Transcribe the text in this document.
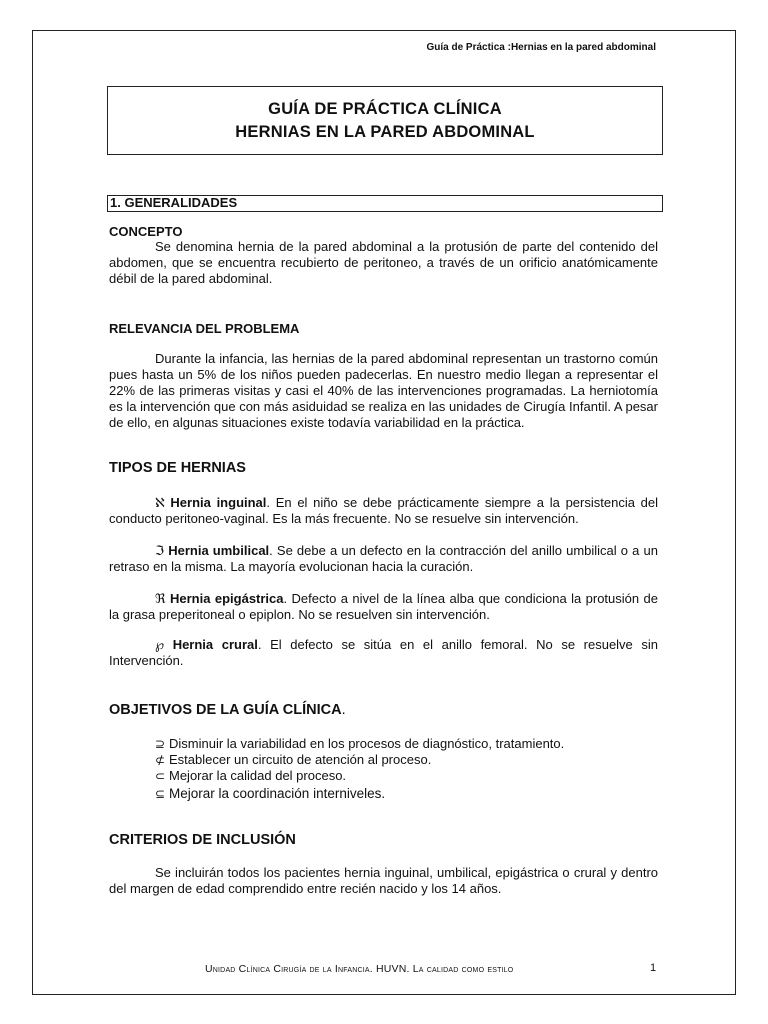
Guía de Práctica :Hernias en la pared abdominal
GUÍA DE PRÁCTICA CLÍNICA
HERNIAS EN LA PARED ABDOMINAL
1. GENERALIDADES
CONCEPTO

Se denomina hernia de la pared abdominal a la protusión de parte del contenido del abdomen, que se encuentra recubierto de peritoneo, a través de un orificio anatómicamente débil de la pared abdominal.

RELEVANCIA DEL PROBLEMA

Durante la infancia, las hernias de la pared abdominal representan un trastorno común pues hasta un 5% de los niños pueden padecerlas. En nuestro medio llegan a representar el 22% de las primeras visitas y casi el 40% de las intervenciones programadas. La herniotomía es la intervención que con más asiduidad se realiza en las unidades de Cirugía Infantil. A pesar de ello, en algunas situaciones existe todavía variabilidad en la práctica.

TIPOS DE HERNIAS

ℵ Hernia inguinal. En el niño se debe prácticamente siempre a la persistencia del conducto peritoneo-vaginal. Es la más frecuente. No se resuelve sin intervención.

ℑ Hernia umbilical. Se debe a un defecto en la contracción del anillo umbilical o a un retraso en la misma. La mayoría evolucionan hacia la curación.

ℜ Hernia epigástrica. Defecto a nivel de la línea alba que condiciona la protusión de la grasa preperitoneal o epiplon. No se resuelven sin intervención.

℘ Hernia crural. El defecto se sitúa en el anillo femoral. No se resuelve sin Intervención.

OBJETIVOS DE LA GUÍA CLÍNICA.
⊇ Disminuir la variabilidad en los procesos de diagnóstico, tratamiento.
⊄ Establecer un circuito de atención al proceso.
⊂ Mejorar la calidad del proceso.
⊆ Mejorar la coordinación interniveles.
CRITERIOS DE INCLUSIÓN

Se incluirán todos los pacientes hernia inguinal, umbilical, epigástrica o crural y dentro del margen de edad comprendido entre recién nacido y los 14 años.

Unidad Clínica Cirugía de la Infancia. HUVN. La calidad como estilo	1
